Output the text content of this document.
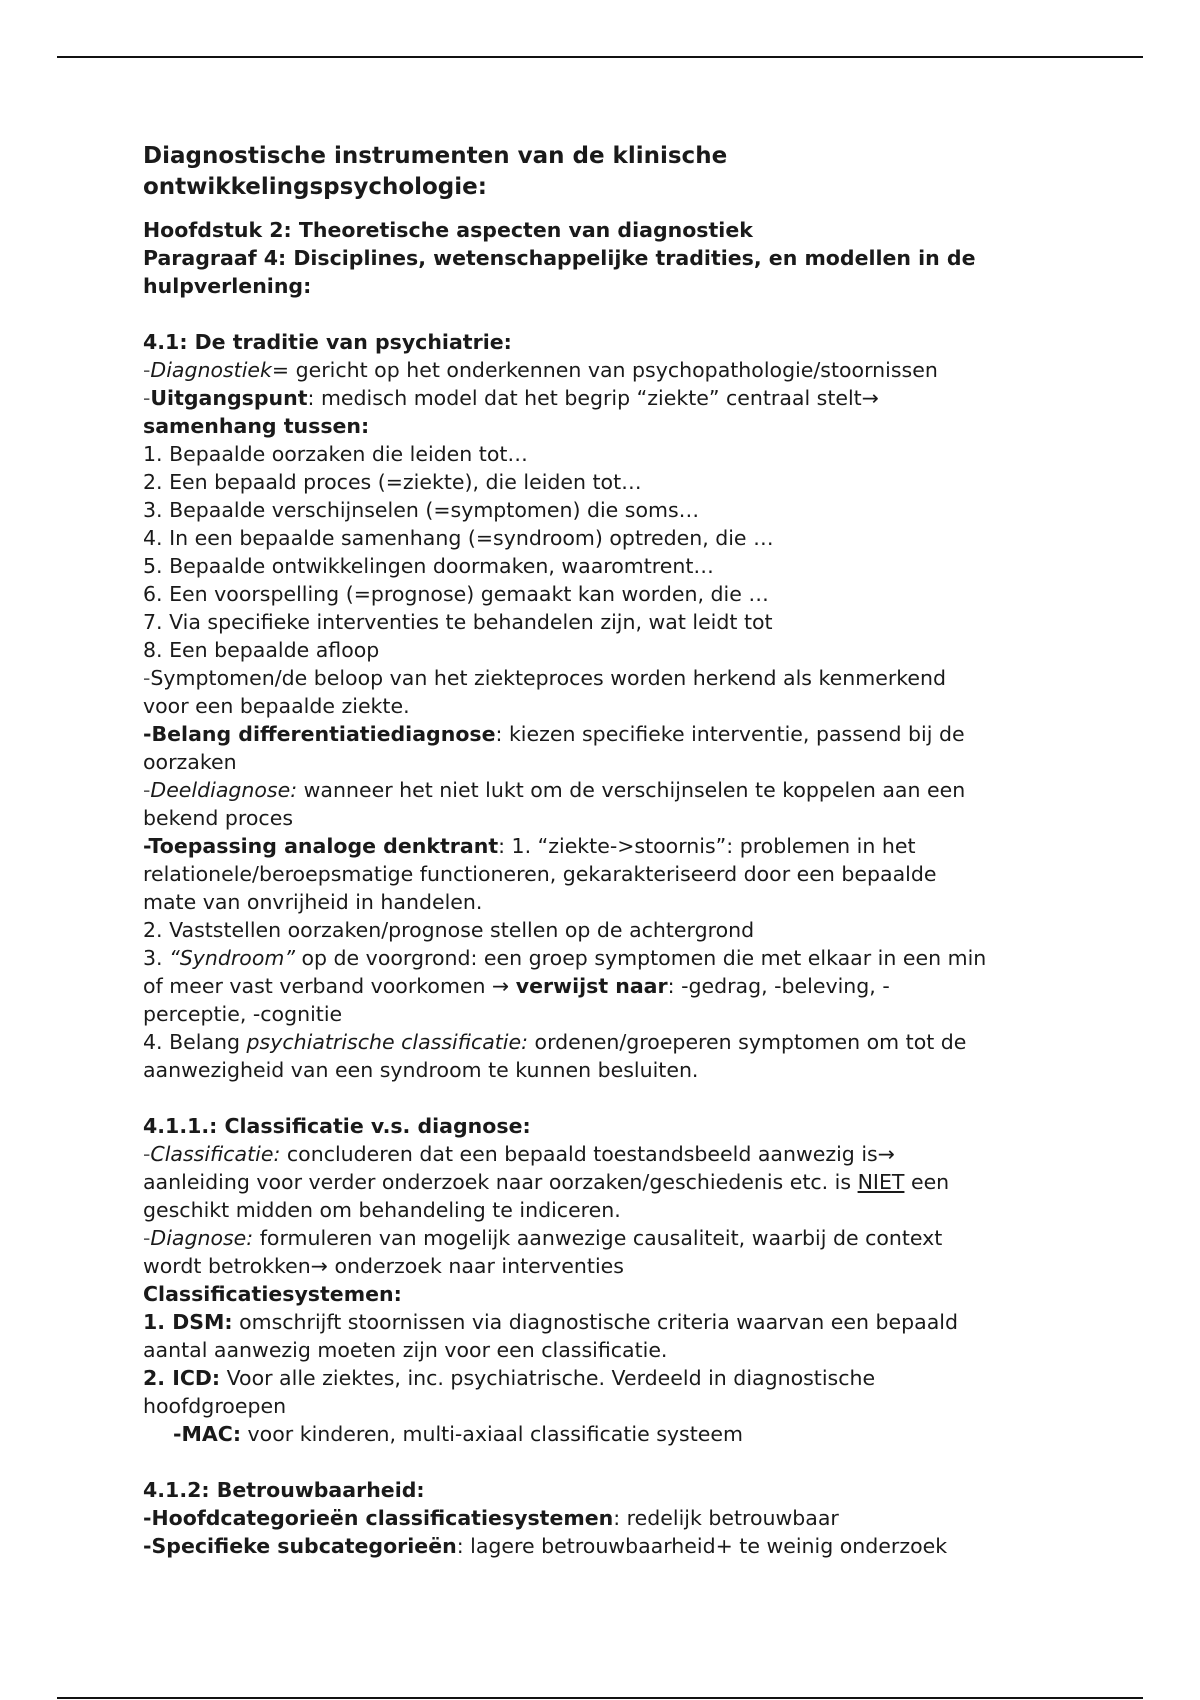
Diagnostische instrumenten van de klinische
ontwikkelingspsychologie:

Hoofdstuk 2: Theoretische aspecten van diagnostiek

Paragraaf 4: Disciplines, wetenschappelijke tradities, en modellen in de

hulpverlening:

4.1: De traditie van psychiatrie:

-Diagnostiek= gericht op het onderkennen van psychopathologie/stoornissen

-Uitgangspunt: medisch model dat het begrip “ziekte” centraal stelt→

samenhang tussen:

1. Bepaalde oorzaken die leiden tot…

2. Een bepaald proces (=ziekte), die leiden tot…

3. Bepaalde verschijnselen (=symptomen) die soms…

4. In een bepaalde samenhang (=syndroom) optreden, die …

5. Bepaalde ontwikkelingen doormaken, waaromtrent…

6. Een voorspelling (=prognose) gemaakt kan worden, die …

7. Via specifieke interventies te behandelen zijn, wat leidt tot

8. Een bepaalde afloop

-Symptomen/de beloop van het ziekteproces worden herkend als kenmerkend

voor een bepaalde ziekte.

-Belang differentiatiediagnose: kiezen specifieke interventie, passend bij de

oorzaken

-Deeldiagnose: wanneer het niet lukt om de verschijnselen te koppelen aan een

bekend proces

-Toepassing analoge denktrant: 1. “ziekte->stoornis”: problemen in het

relationele/beroepsmatige functioneren, gekarakteriseerd door een bepaalde

mate van onvrijheid in handelen.

2. Vaststellen oorzaken/prognose stellen op de achtergrond

3. “Syndroom” op de voorgrond: een groep symptomen die met elkaar in een min

of meer vast verband voorkomen → verwijst naar: -gedrag, -beleving, -

perceptie, -cognitie

4. Belang psychiatrische classificatie: ordenen/groeperen symptomen om tot de

aanwezigheid van een syndroom te kunnen besluiten.

4.1.1.: Classificatie v.s. diagnose:

-Classificatie: concluderen dat een bepaald toestandsbeeld aanwezig is→

aanleiding voor verder onderzoek naar oorzaken/geschiedenis etc. is NIET een

geschikt midden om behandeling te indiceren.

-Diagnose: formuleren van mogelijk aanwezige causaliteit, waarbij de context

wordt betrokken→ onderzoek naar interventies

Classificatiesystemen:

1. DSM: omschrijft stoornissen via diagnostische criteria waarvan een bepaald

aantal aanwezig moeten zijn voor een classificatie.

2. ICD: Voor alle ziektes, inc. psychiatrische. Verdeeld in diagnostische

hoofdgroepen

-MAC: voor kinderen, multi-axiaal classificatie systeem

4.1.2: Betrouwbaarheid:

-Hoofdcategorieën classificatiesystemen: redelijk betrouwbaar

-Specifieke subcategorieën: lagere betrouwbaarheid+ te weinig onderzoek
